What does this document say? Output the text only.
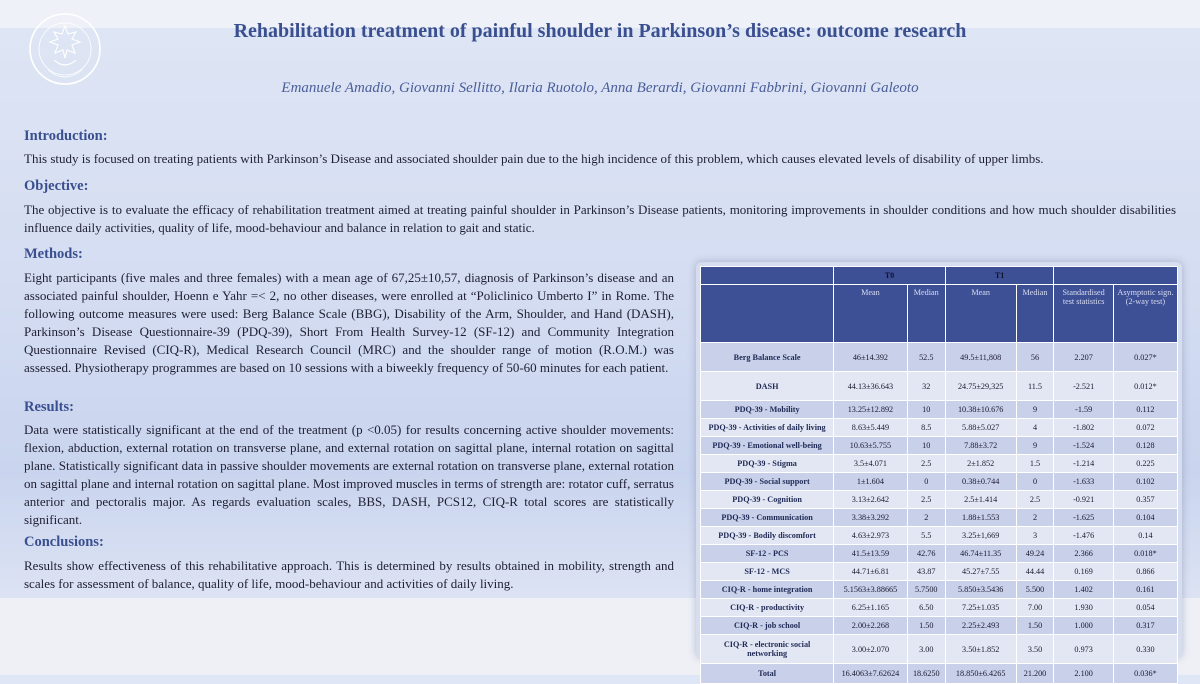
Rehabilitation treatment of painful shoulder in Parkinson’s disease: outcome research
Emanuele Amadio, Giovanni Sellitto, Ilaria Ruotolo, Anna Berardi, Giovanni Fabbrini, Giovanni Galeoto
Introduction:
This study is focused on treating patients with Parkinson’s Disease and associated shoulder pain due to the high incidence of this problem, which causes elevated levels of disability of upper limbs.
Objective:
The objective is to evaluate the efficacy of rehabilitation treatment aimed at treating painful shoulder in Parkinson’s Disease patients, monitoring improvements in shoulder conditions and how much shoulder disabilities influence daily activities, quality of life, mood-behaviour and balance in relation to gait and static.
Methods:
Eight participants (five males and three females) with a mean age of 67,25±10,57, diagnosis of Parkinson’s disease and an associated painful shoulder, Hoenn e Yahr =< 2, no other diseases, were enrolled at “Policlinico Umberto I” in Rome. The following outcome measures were used: Berg Balance Scale (BBG), Disability of the Arm, Shoulder, and Hand (DASH), Parkinson’s Disease Questionnaire-39 (PDQ-39), Short From Health Survey-12 (SF-12) and Community Integration Questionnaire Revised (CIQ-R), Medical Research Council (MRC) and the shoulder range of motion (R.O.M.) was assessed. Physiotherapy programmes are based on 10 sessions with a biweekly frequency of 50-60 minutes for each patient.
Results:
Data were statistically significant at the end of the treatment (p <0.05) for results concerning active shoulder movements: flexion, abduction, external rotation on transverse plane, and external rotation on sagittal plane, internal rotation on sagittal plane. Statistically significant data in passive shoulder movements are external rotation on transverse plane, external rotation on sagittal plane and internal rotation on sagittal plane. Most improved muscles in terms of strength are: rotator cuff, serratus anterior and pectoralis major. As regards evaluation scales, BBS, DASH, PCS12, CIQ-R total scores are statistically significant.
Conclusions:
Results show effectiveness of this rehabilitative approach. This is determined by results obtained in mobility, strength and scales for assessment of balance, quality of life, mood-behaviour and activities of daily living.
	T0		T1			
	Mean	Median	Mean	Median	Standardised test statistics	Asymptotic sign. (2-way test)
Berg Balance Scale	46±14.392	52.5	49.5±11,808	56	2.207	0.027*
DASH	44.13±36.643	32	24.75±29,325	11.5	-2.521	0.012*
PDQ-39 - Mobility	13.25±12.892	10	10.38±10.676	9	-1.59	0.112
PDQ-39 - Activities of daily living	8.63±5.449	8.5	5.88±5.027	4	-1.802	0.072
PDQ-39 - Emotional well-being	10.63±5.755	10	7.88±3.72	9	-1.524	0.128
PDQ-39 - Stigma	3.5±4.071	2.5	2±1.852	1.5	-1.214	0.225
PDQ-39 - Social support	1±1.604	0	0.38±0.744	0	-1.633	0.102
PDQ-39 - Cognition	3.13±2.642	2.5	2.5±1.414	2.5	-0.921	0.357
PDQ-39 - Communication	3.38±3.292	2	1.88±1.553	2	-1.625	0.104
PDQ-39 - Bodily discomfort	4.63±2.973	5.5	3.25±1,669	3	-1.476	0.14
SF-12 - PCS	41.5±13.59	42.76	46.74±11.35	49.24	2.366	0.018*
SF-12 - MCS	44.71±6.81	43.87	45.27±7.55	44.44	0.169	0.866
CIQ-R - home integration	5.1563±3.88665	5.7500	5.850±3.5436	5.500	1.402	0.161
CIQ-R - productivity	6.25±1.165	6.50	7.25±1.035	7.00	1.930	0.054
CIQ-R - job school	2.00±2.268	1.50	2.25±2.493	1.50	1.000	0.317
CIQ-R - electronic social networking	3.00±2.070	3.00	3.50±1.852	3.50	0.973	0.330
Total	16.4063±7.62624	18.6250	18.850±6.4265	21.200	2.100	0.036*
